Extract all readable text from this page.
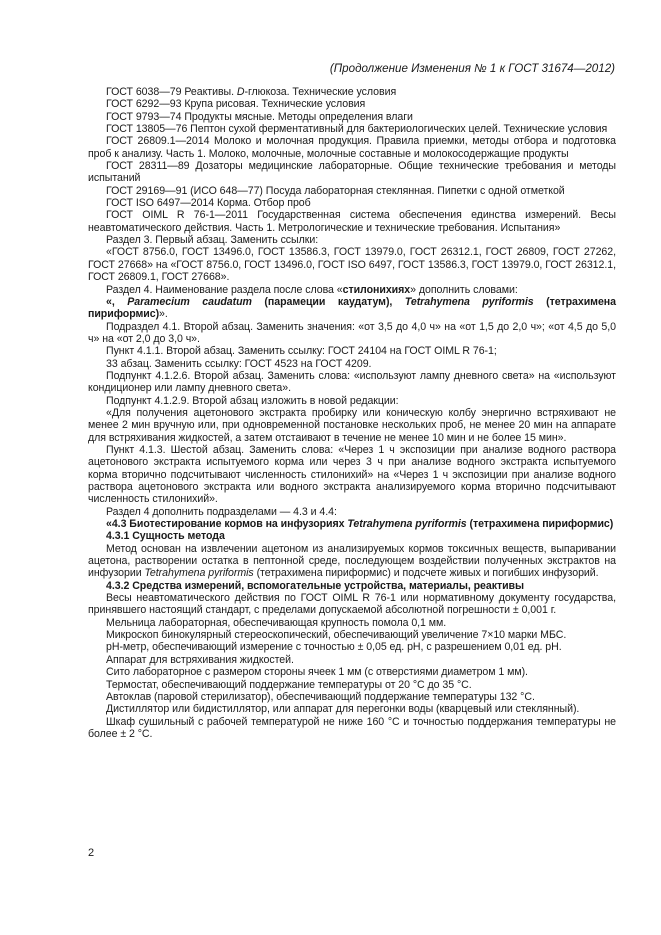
(Продолжение Изменения № 1 к ГОСТ 31674—2012)

ГОСТ 6038—79 Реактивы. D-глюкоза. Технические условия

ГОСТ 6292—93 Крупа рисовая. Технические условия

ГОСТ 9793—74 Продукты мясные. Методы определения влаги

ГОСТ 13805—76 Пептон сухой ферментативный для бактериологических целей. Технические условия

ГОСТ 26809.1—2014 Молоко и молочная продукция. Правила приемки, методы отбора и подготовка проб к анализу. Часть 1. Молоко, молочные, молочные составные и молокосодержащие продукты

ГОСТ 28311—89 Дозаторы медицинские лабораторные. Общие технические требования и методы испытаний

ГОСТ 29169—91 (ИСО 648—77) Посуда лабораторная стеклянная. Пипетки с одной отметкой

ГОСТ ISO 6497—2014 Корма. Отбор проб

ГОСТ OIML R 76-1—2011 Государственная система обеспечения единства измерений. Весы неавтоматического действия. Часть 1. Метрологические и технические требования. Испытания»

Раздел 3. Первый абзац. Заменить ссылки:

«ГОСТ 8756.0, ГОСТ 13496.0, ГОСТ 13586.3, ГОСТ 13979.0, ГОСТ 26312.1, ГОСТ 26809, ГОСТ 27262, ГОСТ 27668» на «ГОСТ 8756.0, ГОСТ 13496.0, ГОСТ ISO 6497, ГОСТ 13586.3, ГОСТ 13979.0, ГОСТ 26312.1, ГОСТ 26809.1, ГОСТ 27668».

Раздел 4. Наименование раздела после слова «стилонихиях» дополнить словами:

«, Paramecium caudatum (парамеции каудатум), Tetrahymena pyriformis (тетрахимена пириформис)».

Подраздел 4.1. Второй абзац. Заменить значения: «от 3,5 до 4,0 ч» на «от 1,5 до 2,0 ч»; «от 4,5 до 5,0 ч» на «от 2,0 до 3,0 ч».

Пункт 4.1.1. Второй абзац. Заменить ссылку: ГОСТ 24104 на ГОСТ OIML R 76-1;

33 абзац. Заменить ссылку: ГОСТ 4523 на ГОСТ 4209.

Подпункт 4.1.2.6. Второй абзац. Заменить слова: «используют лампу дневного света» на «используют кондиционер или лампу дневного света».

Подпункт 4.1.2.9. Второй абзац изложить в новой редакции:

«Для получения ацетонового экстракта пробирку или коническую колбу энергично встряхивают не менее 2 мин вручную или, при одновременной постановке нескольких проб, не менее 20 мин на аппарате для встряхивания жидкостей, а затем отстаивают в течение не менее 10 мин и не более 15 мин».

Пункт 4.1.3. Шестой абзац. Заменить слова: «Через 1 ч экспозиции при анализе водного раствора ацетонового экстракта испытуемого корма или через 3 ч при анализе водного экстракта испытуемого корма вторично подсчитывают численность стилонихий» на «Через 1 ч экспозиции при анализе водного раствора ацетонового экстракта или водного экстракта анализируемого корма вторично подсчитывают численность стилонихий».

Раздел 4 дополнить подразделами — 4.3 и 4.4:

«4.3 Биотестирование кормов на инфузориях Tetrahymena pyriformis (тетрахимена пириформис)

4.3.1 Сущность метода

Метод основан на извлечении ацетоном из анализируемых кормов токсичных веществ, выпаривании ацетона, растворении остатка в пептонной среде, последующем воздействии полученных экстрактов на инфузории Tetrahymena pyriformis (тетрахимена пириформис) и подсчете живых и погибших инфузорий.

4.3.2 Средства измерений, вспомогательные устройства, материалы, реактивы

Весы неавтоматического действия по ГОСТ OIML R 76-1 или нормативному документу государства, принявшего настоящий стандарт, с пределами допускаемой абсолютной погрешности ± 0,001 г.

Мельница лабораторная, обеспечивающая крупность помола 0,1 мм.

Микроскоп бинокулярный стереоскопический, обеспечивающий увеличение 7×10 марки МБС.

рН-метр, обеспечивающий измерение с точностью ± 0,05 ед. рН, с разрешением 0,01 ед. рН.

Аппарат для встряхивания жидкостей.

Сито лабораторное с размером стороны ячеек 1 мм (с отверстиями диаметром 1 мм).

Термостат, обеспечивающий поддержание температуры от 20 °С до 35 °С.

Автоклав (паровой стерилизатор), обеспечивающий поддержание температуры 132 °С.

Дистиллятор или бидистиллятор, или аппарат для перегонки воды (кварцевый или стеклянный).

Шкаф сушильный с рабочей температурой не ниже 160 °С и точностью поддержания температуры не более ± 2 °С.

2
